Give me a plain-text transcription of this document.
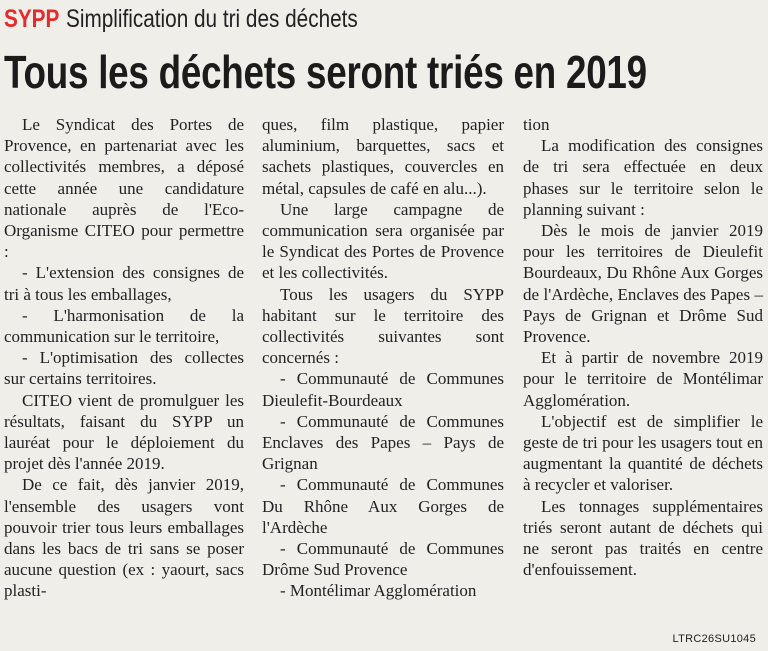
SYPP Simplification du tri des déchets
Tous les déchets seront triés en 2019

Le Syndicat des Portes de Provence, en partenariat avec les collectivités membres, a déposé cette année une candidature nationale auprès de l'Eco-Organisme CITEO pour permettre :

- L'extension des consignes de tri à tous les emballages,

- L'harmonisation de la communication sur le territoire,

- L'optimisation des collectes sur certains territoires.

CITEO vient de promulguer les résultats, faisant du SYPP un lauréat pour le déploiement du projet dès l'année 2019.

De ce fait, dès janvier 2019, l'ensemble des usagers vont pouvoir trier tous leurs emballages dans les bacs de tri sans se poser aucune question (ex : yaourt, sacs plasti-

ques, film plastique, papier aluminium, barquettes, sacs et sachets plastiques, couvercles en métal, capsules de café en alu...).

Une large campagne de communication sera organisée par le Syndicat des Portes de Provence et les collectivités.

Tous les usagers du SYPP habitant sur le territoire des collectivités suivantes sont concernés :

- Communauté de Communes Dieulefit-Bourdeaux

- Communauté de Communes Enclaves des Papes – Pays de Grignan

- Communauté de Communes Du Rhône Aux Gorges de l'Ardèche

- Communauté de Communes Drôme Sud Provence

- Montélimar Agglomération

tion

La modification des consignes de tri sera effectuée en deux phases sur le territoire selon le planning suivant :

Dès le mois de janvier 2019 pour les territoires de Dieulefit Bourdeaux, Du Rhône Aux Gorges de l'Ardèche, Enclaves des Papes – Pays de Grignan et Drôme Sud Provence.

Et à partir de novembre 2019 pour le territoire de Montélimar Agglomération.

L'objectif est de simplifier le geste de tri pour les usagers tout en augmentant la quantité de déchets à recycler et valoriser.

Les tonnages supplémentaires triés seront autant de déchets qui ne seront pas traités en centre d'enfouissement.

LTRC26SU1045
